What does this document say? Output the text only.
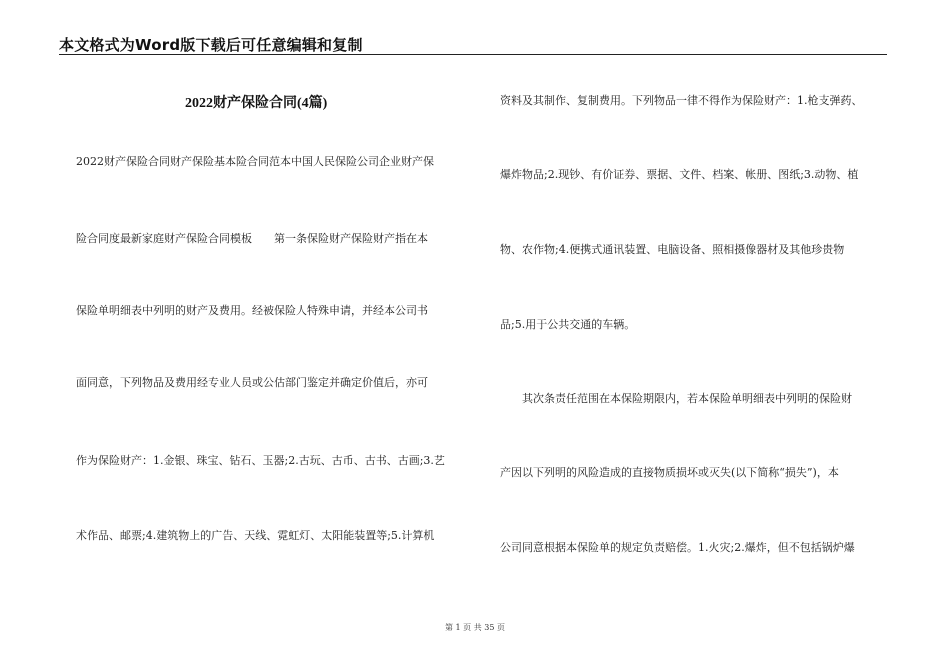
本文格式为Word版下载后可任意编辑和复制
2022财产保险合同(4篇)
2022财产保险合同财产保险基本险合同范本中国人民保险公司企业财产保
险合同度最新家庭财产保险合同模板　　第一条保险财产保险财产指在本
保险单明细表中列明的财产及费用。经被保险人特殊申请，并经本公司书
面同意，下列物品及费用经专业人员或公估部门鉴定并确定价值后，亦可
作为保险财产：1.金银、珠宝、钻石、玉器;2.古玩、古币、古书、古画;3.艺
术作品、邮票;4.建筑物上的广告、天线、霓虹灯、太阳能装置等;5.计算机
资料及其制作、复制费用。下列物品一律不得作为保险财产：1.枪支弹药、
爆炸物品;2.现钞、有价证券、票据、文件、档案、帐册、图纸;3.动物、植
物、农作物;4.便携式通讯装置、电脑设备、照相摄像器材及其他珍贵物
品;5.用于公共交通的车辆。
　　其次条责任范围在本保险期限内，若本保险单明细表中列明的保险财
产因以下列明的风险造成的直接物质损坏或灭失(以下简称“损失”)，本
公司同意根据本保险单的规定负责赔偿。1.火灾;2.爆炸，但不包括锅炉爆
第 1 页 共 35 页
